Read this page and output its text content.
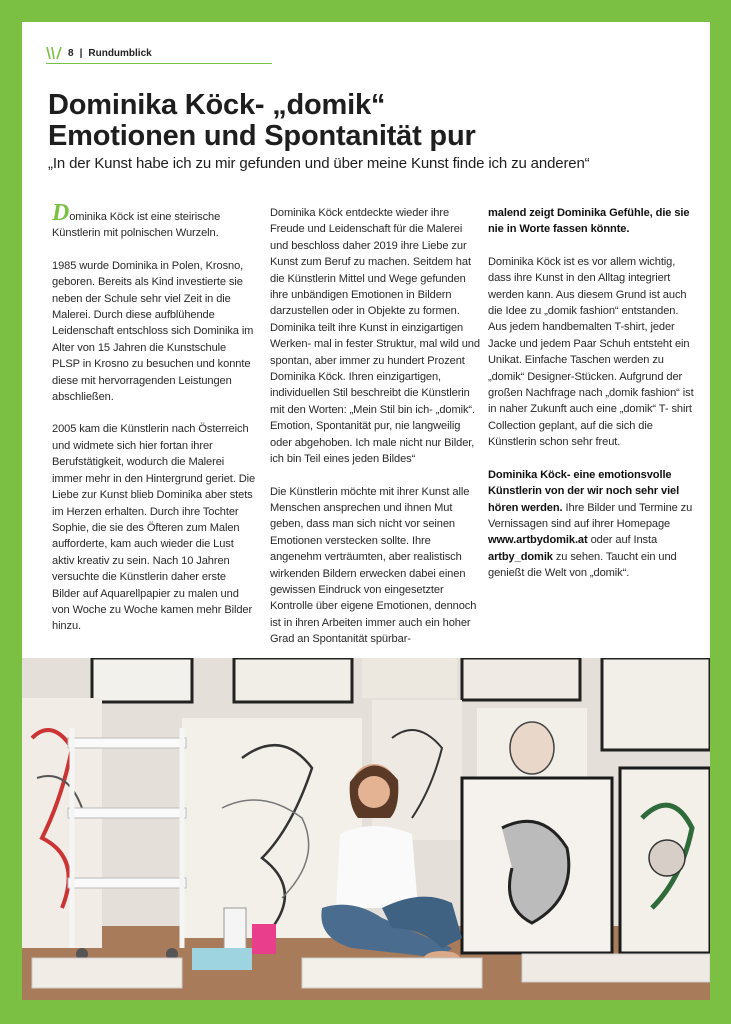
8 | Rundumblick
Dominika Köck- „domik“
Emotionen und Spontanität pur

„In der Kunst habe ich zu mir gefunden und über meine Kunst finde ich zu anderen“

Dominika Köck ist eine steirische Künstlerin mit polnischen Wurzeln.

1985 wurde Dominika in Polen, Krosno, geboren. Bereits als Kind investierte sie neben der Schule sehr viel Zeit in die Malerei. Durch diese aufblühende Leidenschaft entschloss sich Dominika im Alter von 15 Jahren die Kunstschule PLSP in Krosno zu besuchen und konnte diese mit hervorragenden Leistungen abschließen.

2005 kam die Künstlerin nach Österreich und widmete sich hier fortan ihrer Berufstätigkeit, wodurch die Malerei immer mehr in den Hintergrund geriet. Die Liebe zur Kunst blieb Dominika aber stets im Herzen erhalten. Durch ihre Tochter Sophie, die sie des Öfteren zum Malen aufforderte, kam auch wieder die Lust aktiv kreativ zu sein. Nach 10 Jahren versuchte die Künstlerin daher erste Bilder auf Aquarellpapier zu malen und von Woche zu Woche kamen mehr Bilder hinzu.

Dominika Köck entdeckte wieder ihre Freude und Leidenschaft für die Malerei und beschloss daher 2019 ihre Liebe zur Kunst zum Beruf zu machen. Seitdem hat die Künstlerin Mittel und Wege gefunden ihre unbändigen Emotionen in Bildern darzustellen oder in Objekte zu formen. Dominika teilt ihre Kunst in einzigartigen Werken- mal in fester Struktur, mal wild und spontan, aber immer zu hundert Prozent Dominika Köck. Ihren einzigartigen, individuellen Stil beschreibt die Künstlerin mit den Worten: „Mein Stil bin ich- „domik“. Emotion, Spontanität pur, nie langweilig oder abgehoben. Ich male nicht nur Bilder, ich bin Teil eines jeden Bildes“

Die Künstlerin möchte mit ihrer Kunst alle Menschen ansprechen und ihnen Mut geben, dass man sich nicht vor seinen Emotionen verstecken sollte. Ihre angenehm verträumten, aber realistisch wirkenden Bildern erwecken dabei einen gewissen Eindruck von eingesetzter Kontrolle über eigene Emotionen, dennoch ist in ihren Arbeiten immer auch ein hoher Grad an Spontanität spürbar-

malend zeigt Dominika Gefühle, die sie nie in Worte fassen könnte.

Dominika Köck ist es vor allem wichtig, dass ihre Kunst in den Alltag integriert werden kann. Aus diesem Grund ist auch die Idee zu „domik fashion“ entstanden. Aus jedem handbemalten T-shirt, jeder Jacke und jedem Paar Schuh entsteht ein Unikat. Einfache Taschen werden zu „domik“ Designer-Stücken. Aufgrund der großen Nachfrage nach „domik fashion“ ist in naher Zukunft auch eine „domik“ T- shirt Collection geplant, auf die sich die Künstlerin schon sehr freut.

Dominika Köck- eine emotionsvolle Künstlerin von der wir noch sehr viel hören werden. Ihre Bilder und Termine zu Vernissagen sind auf ihrer Homepage www.artbydomik.at oder auf Insta artby_domik zu sehen. Taucht ein und genießt die Welt von „domik“.
